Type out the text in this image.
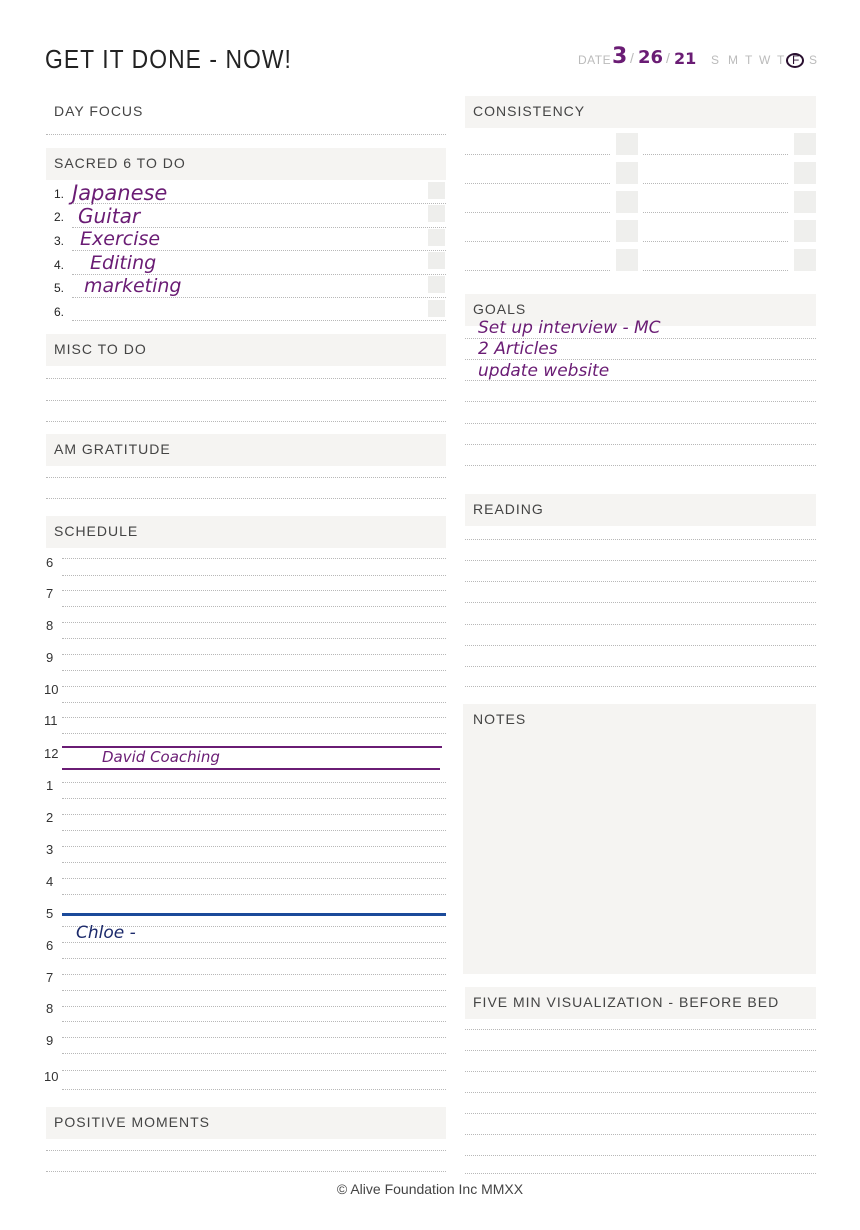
GET IT DONE - NOW!	DATE 3 / 26 / 21 S M T W T F S
DAY FOCUS
SACRED 6 TO DO
1. Japanese
2. Guitar
3. Exercise
4. Editing
5. marketing
6.
MISC TO DO
AM GRATITUDE
SCHEDULE
6
7
8
9
10
11
12
1
2
3
4
5
6
7
8
9
10
David Coaching
Chloe -
POSITIVE MOMENTS
CONSISTENCY
GOALS
Set up interview - MC
2 Articles
update website
READING
NOTES
FIVE MIN VISUALIZATION - BEFORE BED
© Alive Foundation Inc MMXX
